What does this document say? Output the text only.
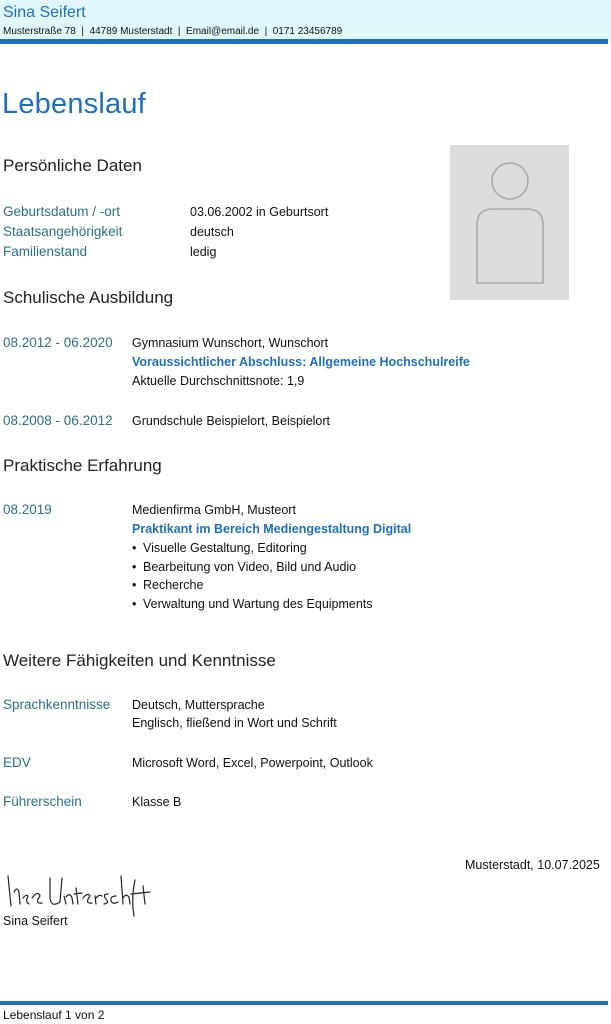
Sina Seifert
Musterstraße 78  |  44789 Musterstadt  |  Email@email.de  |  0171 23456789
Lebenslauf
Persönliche Daten
Geburtsdatum / -ort	03.06.2002 in Geburtsort
Staatsangehörigkeit	deutsch
Familienstand	ledig
Schulische Ausbildung
08.2012 - 06.2020 Gymnasium Wunschort, Wunschort
Voraussichtlicher Abschluss: Allgemeine Hochschulreife
Aktuelle Durchschnittsnote: 1,9
08.2008 - 06.2012 Grundschule Beispielort, Beispielort
Praktische Erfahrung
08.2019	Medienfirma GmbH, Musteort
Praktikant im Bereich Mediengestaltung Digital
• Visuelle Gestaltung, Editoring
• Bearbeitung von Video, Bild und Audio
• Recherche
• Verwaltung und Wartung des Equipments
Weitere Fähigkeiten und Kenntnisse
Sprachkenntnisse Deutsch, Muttersprache
Englisch, fließend in Wort und Schrift
EDV	Microsoft Word, Excel, Powerpoint, Outlook
Führerschein	Klasse B
Musterstadt, 10.07.2025
Sina Seifert
Lebenslauf 1 von 2
